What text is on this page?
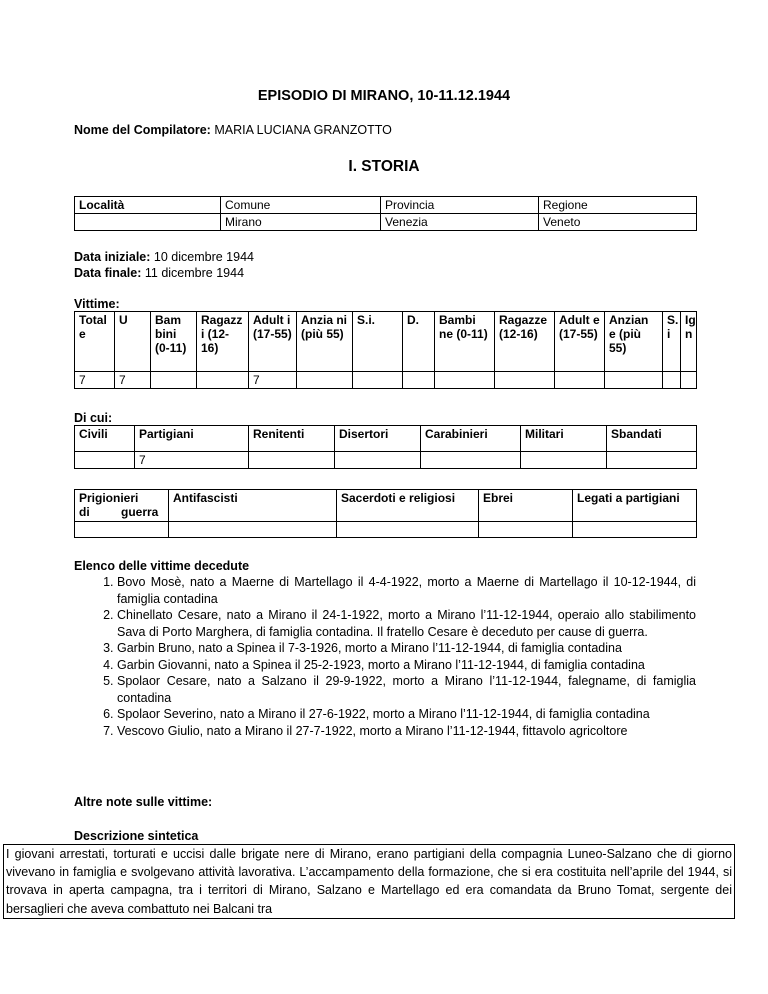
EPISODIO DI MIRANO, 10-11.12.1944
Nome del Compilatore: MARIA LUCIANA GRANZOTTO
I. STORIA
Località	Comune	Provincia	Regione
	Mirano	Venezia	Veneto
Data iniziale: 10 dicembre 1944
Data finale: 11 dicembre 1944
Vittime:
Total e	U	Bam bini (0-11)	Ragazz i (12-16)	Adult i (17-55)	Anzia ni (più 55)	S.i.	D.	Bambi ne (0-11)	Ragazze (12-16)	Adult e (17-55)	Anzian e (più 55)	S. i	Ig n
7	7			7									
Di cui:
Civili	Partigiani	Renitenti	Disertori	Carabinieri	Militari	Sbandati
	7					
Prigionieri di guerra	Antifascisti	Sacerdoti e religiosi	Ebrei	Legati a partigiani

Elenco delle vittime decedute
1. Bovo Mosè, nato a Maerne di Martellago il 4-4-1922, morto a Maerne di Martellago il 10-12-1944, di famiglia contadina
2. Chinellato Cesare, nato a Mirano il 24-1-1922, morto a Mirano l’11-12-1944, operaio allo stabilimento Sava di Porto Marghera, di famiglia contadina. Il fratello Cesare è deceduto per cause di guerra.
3. Garbin Bruno, nato a Spinea il 7-3-1926, morto a Mirano l’11-12-1944, di famiglia contadina
4. Garbin Giovanni, nato a Spinea il 25-2-1923, morto a Mirano l’11-12-1944, di famiglia contadina
5. Spolaor Cesare, nato a Salzano il 29-9-1922, morto a Mirano l’11-12-1944, falegname, di famiglia contadina
6. Spolaor Severino, nato a Mirano il 27-6-1922, morto a Mirano l’11-12-1944, di famiglia contadina
7. Vescovo Giulio, nato a Mirano il 27-7-1922, morto a Mirano l’11-12-1944, fittavolo agricoltore
Altre note sulle vittime:
Descrizione sintetica
I giovani arrestati, torturati e uccisi dalle brigate nere di Mirano, erano partigiani della compagnia Luneo-Salzano che di giorno vivevano in famiglia e svolgevano attività lavorativa. L’accampamento della formazione, che si era costituita nell’aprile del 1944, si trovava in aperta campagna, tra i territori di Mirano, Salzano e Martellago ed era comandata da Bruno Tomat, sergente dei bersaglieri che aveva combattuto nei Balcani tra
